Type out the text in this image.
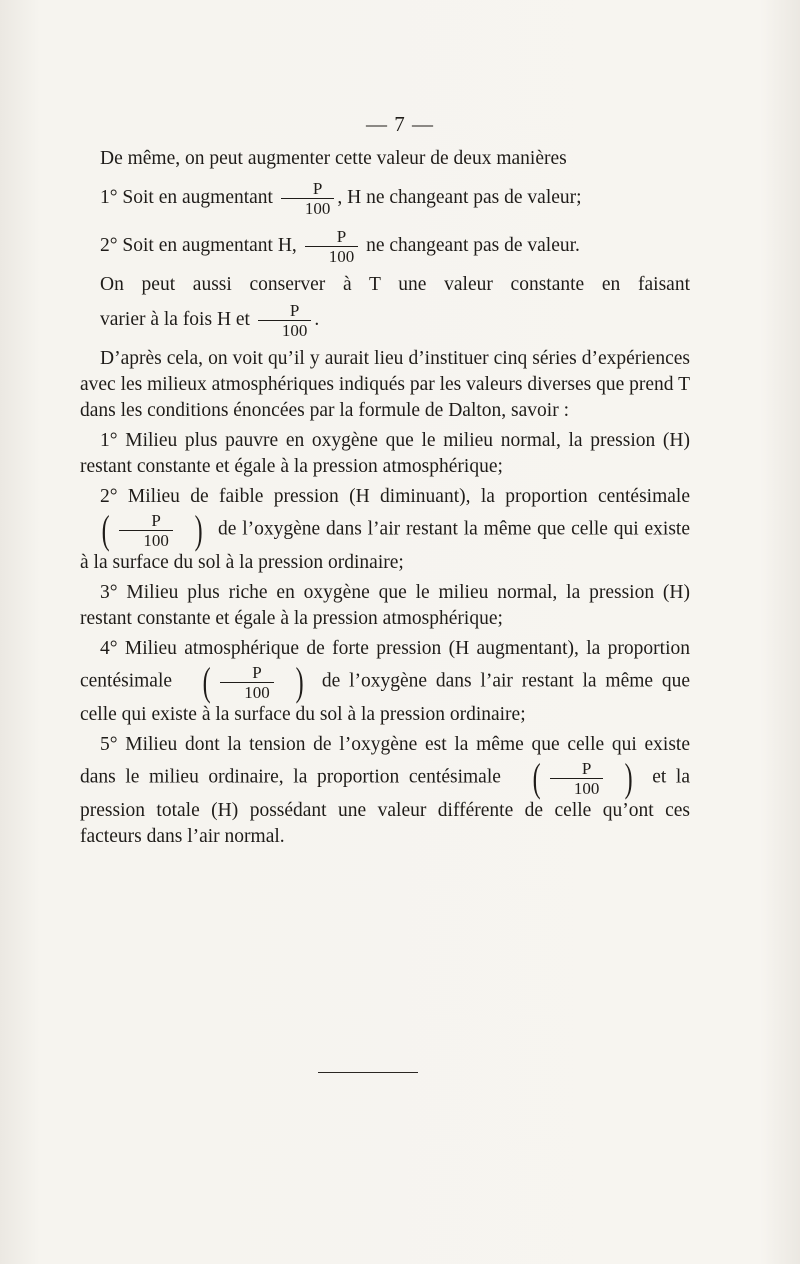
— 7 —

De même, on peut augmenter cette valeur de deux manières

1° Soit en augmentant $\frac{P}{100}$ , H ne changeant pas de valeur;

2° Soit en augmentant H, $\frac{P}{100}$ ne changeant pas de valeur.

On peut aussi conserver à T une valeur constante en faisant varier à la fois H et $\frac{P}{100}$ .

D’après cela, on voit qu’il y aurait lieu d’instituer cinq séries d’expériences avec les milieux atmosphériques indiqués par les valeurs diverses que prend T dans les conditions énoncées par la formule de Dalton, savoir :

1° Milieu plus pauvre en oxygène que le milieu normal, la pression (H) restant constante et égale à la pression atmosphérique;

2° Milieu de faible pression (H diminuant), la proportion centésimale
( $\frac{P}{100}$ ) de l’oxygène dans l’air restant la même que celle qui existe à la surface du sol à la pression ordinaire;

3° Milieu plus riche en oxygène que le milieu normal, la pression (H) restant constante et égale à la pression atmosphérique;

4° Milieu atmosphérique de forte pression (H augmentant), la proportion centésimale ( $\frac{P}{100}$ ) de l’oxygène dans l’air restant la même que celle qui existe à la surface du sol à la pression ordinaire;

5° Milieu dont la tension de l’oxygène est la même que celle qui existe dans le milieu ordinaire, la proportion centésimale ( $\frac{P}{100}$ ) et la pression totale (H) possédant une valeur différente de celle qu’ont ces facteurs dans l’air normal.
